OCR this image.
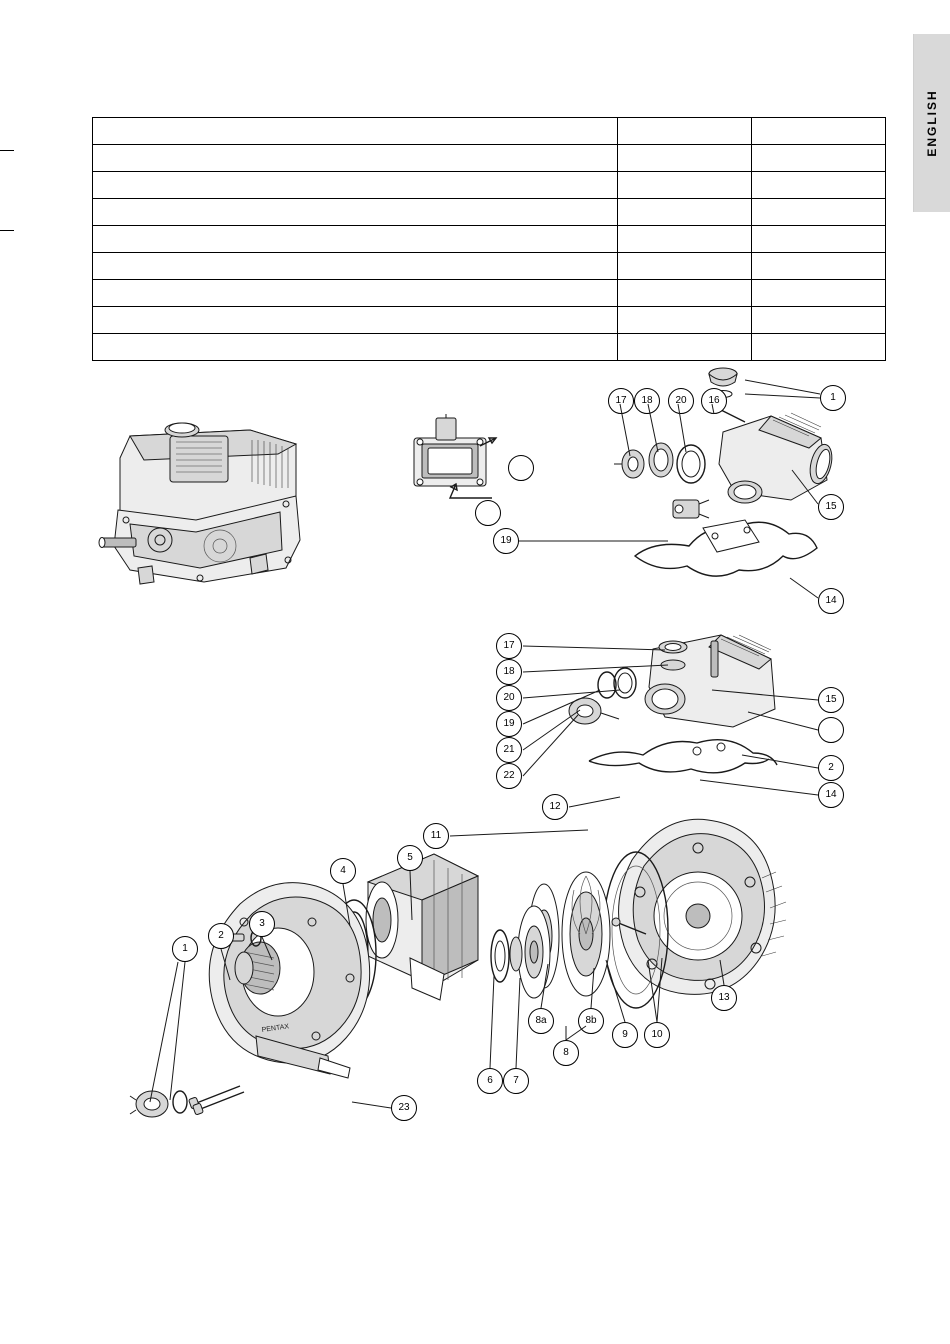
ENGLISH

1
15
14
16
20
18
17
19
17
18
20
19
21
22
15
2
14
12
11
PENTAX
5
4
3
2
1
13
10
9
8b
8a
8
7
6
23
